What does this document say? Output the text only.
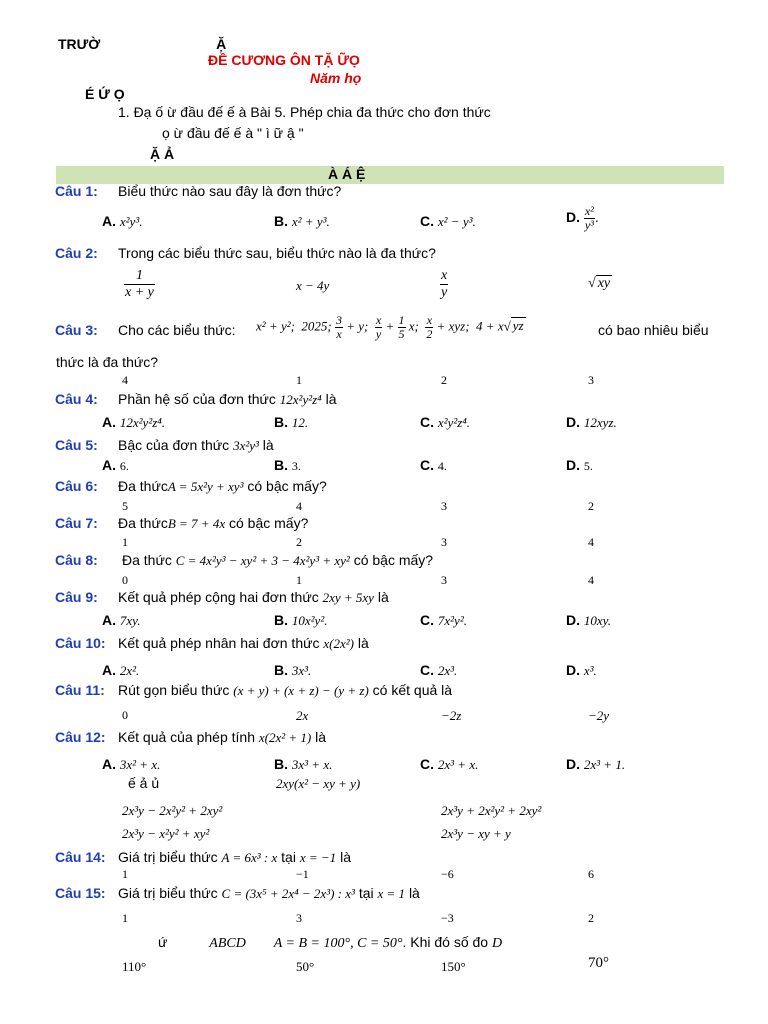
TRƯỜ	Ặ
ĐỀ CƯƠNG ÔN TẶ ỮỌ
Năm họ
É Ứ Ọ
1. Đạ ố ừ đầu đế ế à Bài 5. Phép chia đa thức cho đơn thức
ọ ừ đầu đế ế à " ì ữ ậ "
Ặ Ả
À Á Ệ
Câu 1: Biểu thức nào sau đây là đơn thức?
A. x²y³.	B. x² + y³.	C. x² − y³.	D. $\frac{\text{x²}}{\text{y³}}$ .
Câu 2: Trong các biểu thức sau, biểu thức nào là đa thức?
$\frac{1}{x + y}$	x − 4y	$\frac{x}{y}$	√ xy
Câu 3: Cho các biểu thức: x² + y²;  2025; $\frac{3}{x} + y$; $\frac{x}{y} + \frac{1}{5} x$; $\frac{x}{2}$ + xyz;  4 + x√ yz	có bao nhiêu biểu
thức là đa thức?
4	1	2	3
Câu 4: Phần hệ số của đơn thức 12x²y²z⁴ là
A. 12x²y²z⁴.	B. 12.	C. x²y²z⁴.	D. 12xyz.
Câu 5: Bậc của đơn thức 3x²y³ là
A. 6.	B. 3.	C. 4.	D. 5.
Câu 6: Đa thứcA = 5x²y + xy³ có bậc mấy?
5	4	3	2
Câu 7: Đa thứcB = 7 + 4x có bậc mấy?
1	2	3	4
Câu 8: Đa thức C = 4x²y³ − xy² + 3 − 4x²y³ + xy² có bậc mấy?
0	1	3	4
Câu 9: Kết quả phép cộng hai đơn thức 2xy + 5xy là
A. 7xy.	B. 10x²y².	C. 7x²y².	D. 10xy.
Câu 10: Kết quả phép nhân hai đơn thức x(2x²) là
A. 2x².	B. 3x³.	C. 2x³.	D. x³.
Câu 11: Rút gọn biểu thức (x + y) + (x + z) − (y + z) có kết quả là
0	2x	−2z	−2y
Câu 12: Kết quả của phép tính x(2x² + 1) là
A. 3x² + x.	B. 3x³ + x.	C. 2x³ + x.	D. 2x³ + 1.
ế ả ủ	2xy(x² − xy + y)
2x³y − 2x²y² + 2xy²	2x³y + 2x²y² + 2xy²
2x³y − x²y² + xy²	2x³y − xy + y
Câu 14: Giá trị biểu thức A = 6x³ : x tại x = −1 là
1	−1	−6	6
Câu 15: Giá trị biểu thức C = (3x⁵ + 2x⁴ − 2x³) : x³ tại x = 1 là
1	3	−3	2
ứ	ABCD A = B = 100°, C = 50°. Khi đó số đo D
110°	50°	150°	70°
